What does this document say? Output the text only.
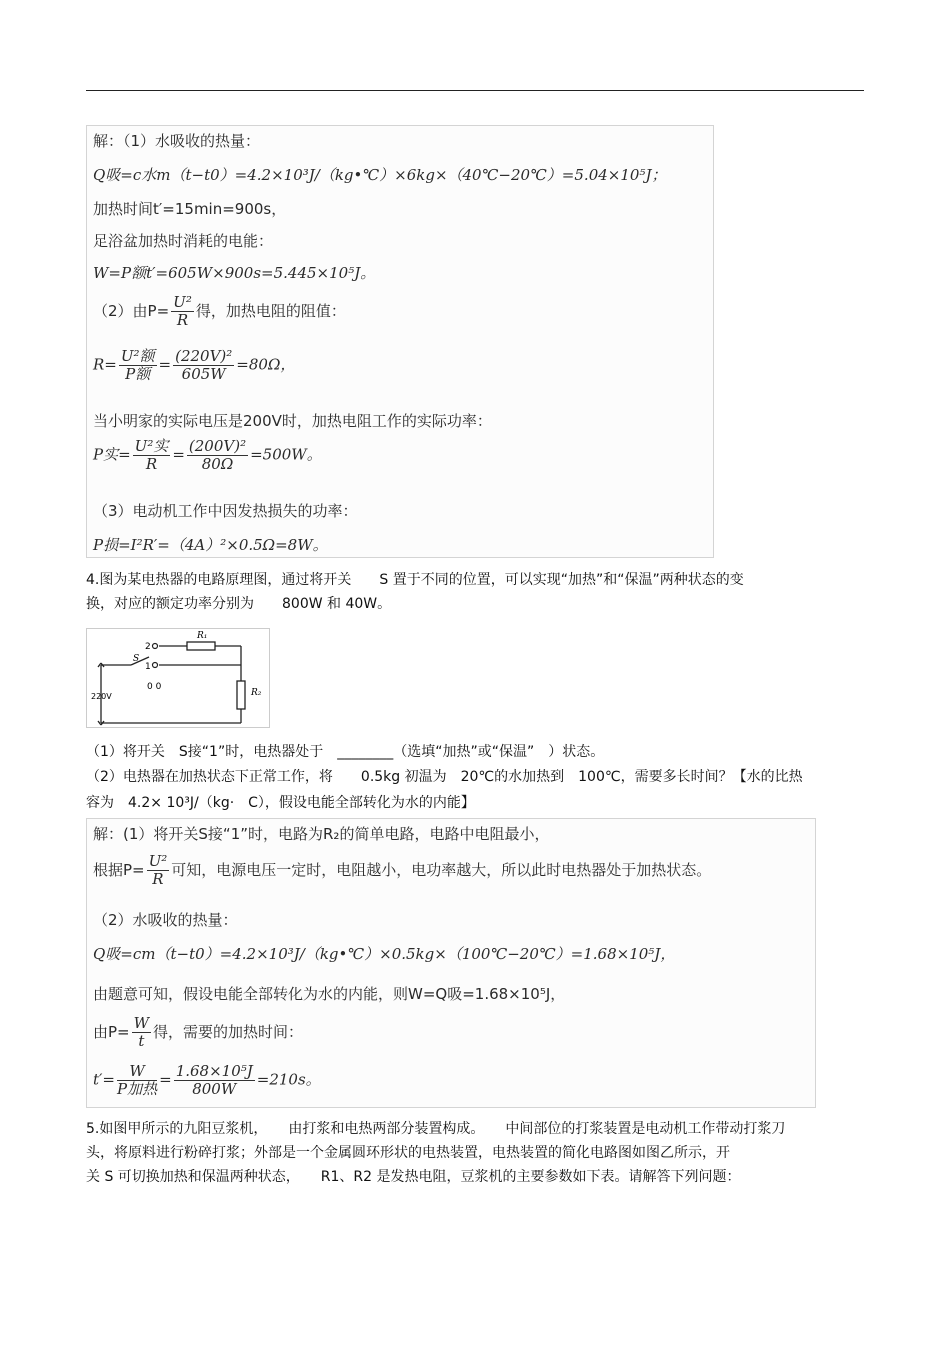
解：（1）水吸收的热量：
Q吸=c水m（t−t0）=4.2×10³J/（kg•℃）×6kg×（40℃−20℃）=5.04×10⁵J；
加热时间t′=15min=900s，
足浴盆加热时消耗的电能：
W=P额t′=605W×900s=5.445×10⁵J。
（2）由$P= \frac{\text{U²}}{R}$ 得，加热电阻的阻值：
$R= \frac{\text{U²额}}{\text{P额}} = \frac{\text{(220V)²}}{605W} =80\Omega$，
当小明家的实际电压是200V时，加热电阻工作的实际功率：
P实= $\frac{\text{U²实}}{R} = \frac{\text{(200V)²}}{80\Omega} =500W$。
（3）电动机工作中因发热损失的功率：
P损=I²R′=（4A）²×0.5Ω=8W。
4.图为某电热器的电路原理图，通过将开关　　S 置于不同的位置，可以实现“加热”和“保温”两种状态的变
换，对应的额定功率分别为　　800W 和 40W。
R₁
R₂
S
2
1
0 0
220V
（1）将开关　S接“1”时，电热器处于　________（选填“加热”或“保温”　）状态。
（2）电热器在加热状态下正常工作，将　　0.5kg 初温为　20℃的水加热到　100℃，需要多长时间？【水的比热
容为　4.2× 10³J/（kg·　C），假设电能全部转化为水的内能】
解：(1）将开关S接“1”时，电路为R₂的简单电路，电路中电阻最小，
根据$P= \frac{\text{U²}}{R}$ 可知，电源电压一定时，电阻越小，电功率越大，所以此时电热器处于加热状态。
（2）水吸收的热量：
Q吸=cm（t−t0）=4.2×10³J/（kg•℃）×0.5kg×（100℃−20℃）=1.68×10⁵J，
由题意可知，假设电能全部转化为水的内能，则W=Q吸=1.68×10⁵J，
由$P= \frac{W}{t}$ 得，需要的加热时间：
$t'= \frac{W}{\text{P加热}} = \frac{\text{1.68×10⁵J}}{800W} =210s$。
5.如图甲所示的九阳豆浆机，　　由打浆和电热两部分装置构成。　　中间部位的打浆装置是电动机工作带动打浆刀
头，将原料进行粉碎打浆；外部是一个金属圆环形状的电热装置，电热装置的简化电路图如图乙所示，开
关 S 可切换加热和保温两种状态，　　R1、R2 是发热电阻，豆浆机的主要参数如下表。请解答下列问题：
